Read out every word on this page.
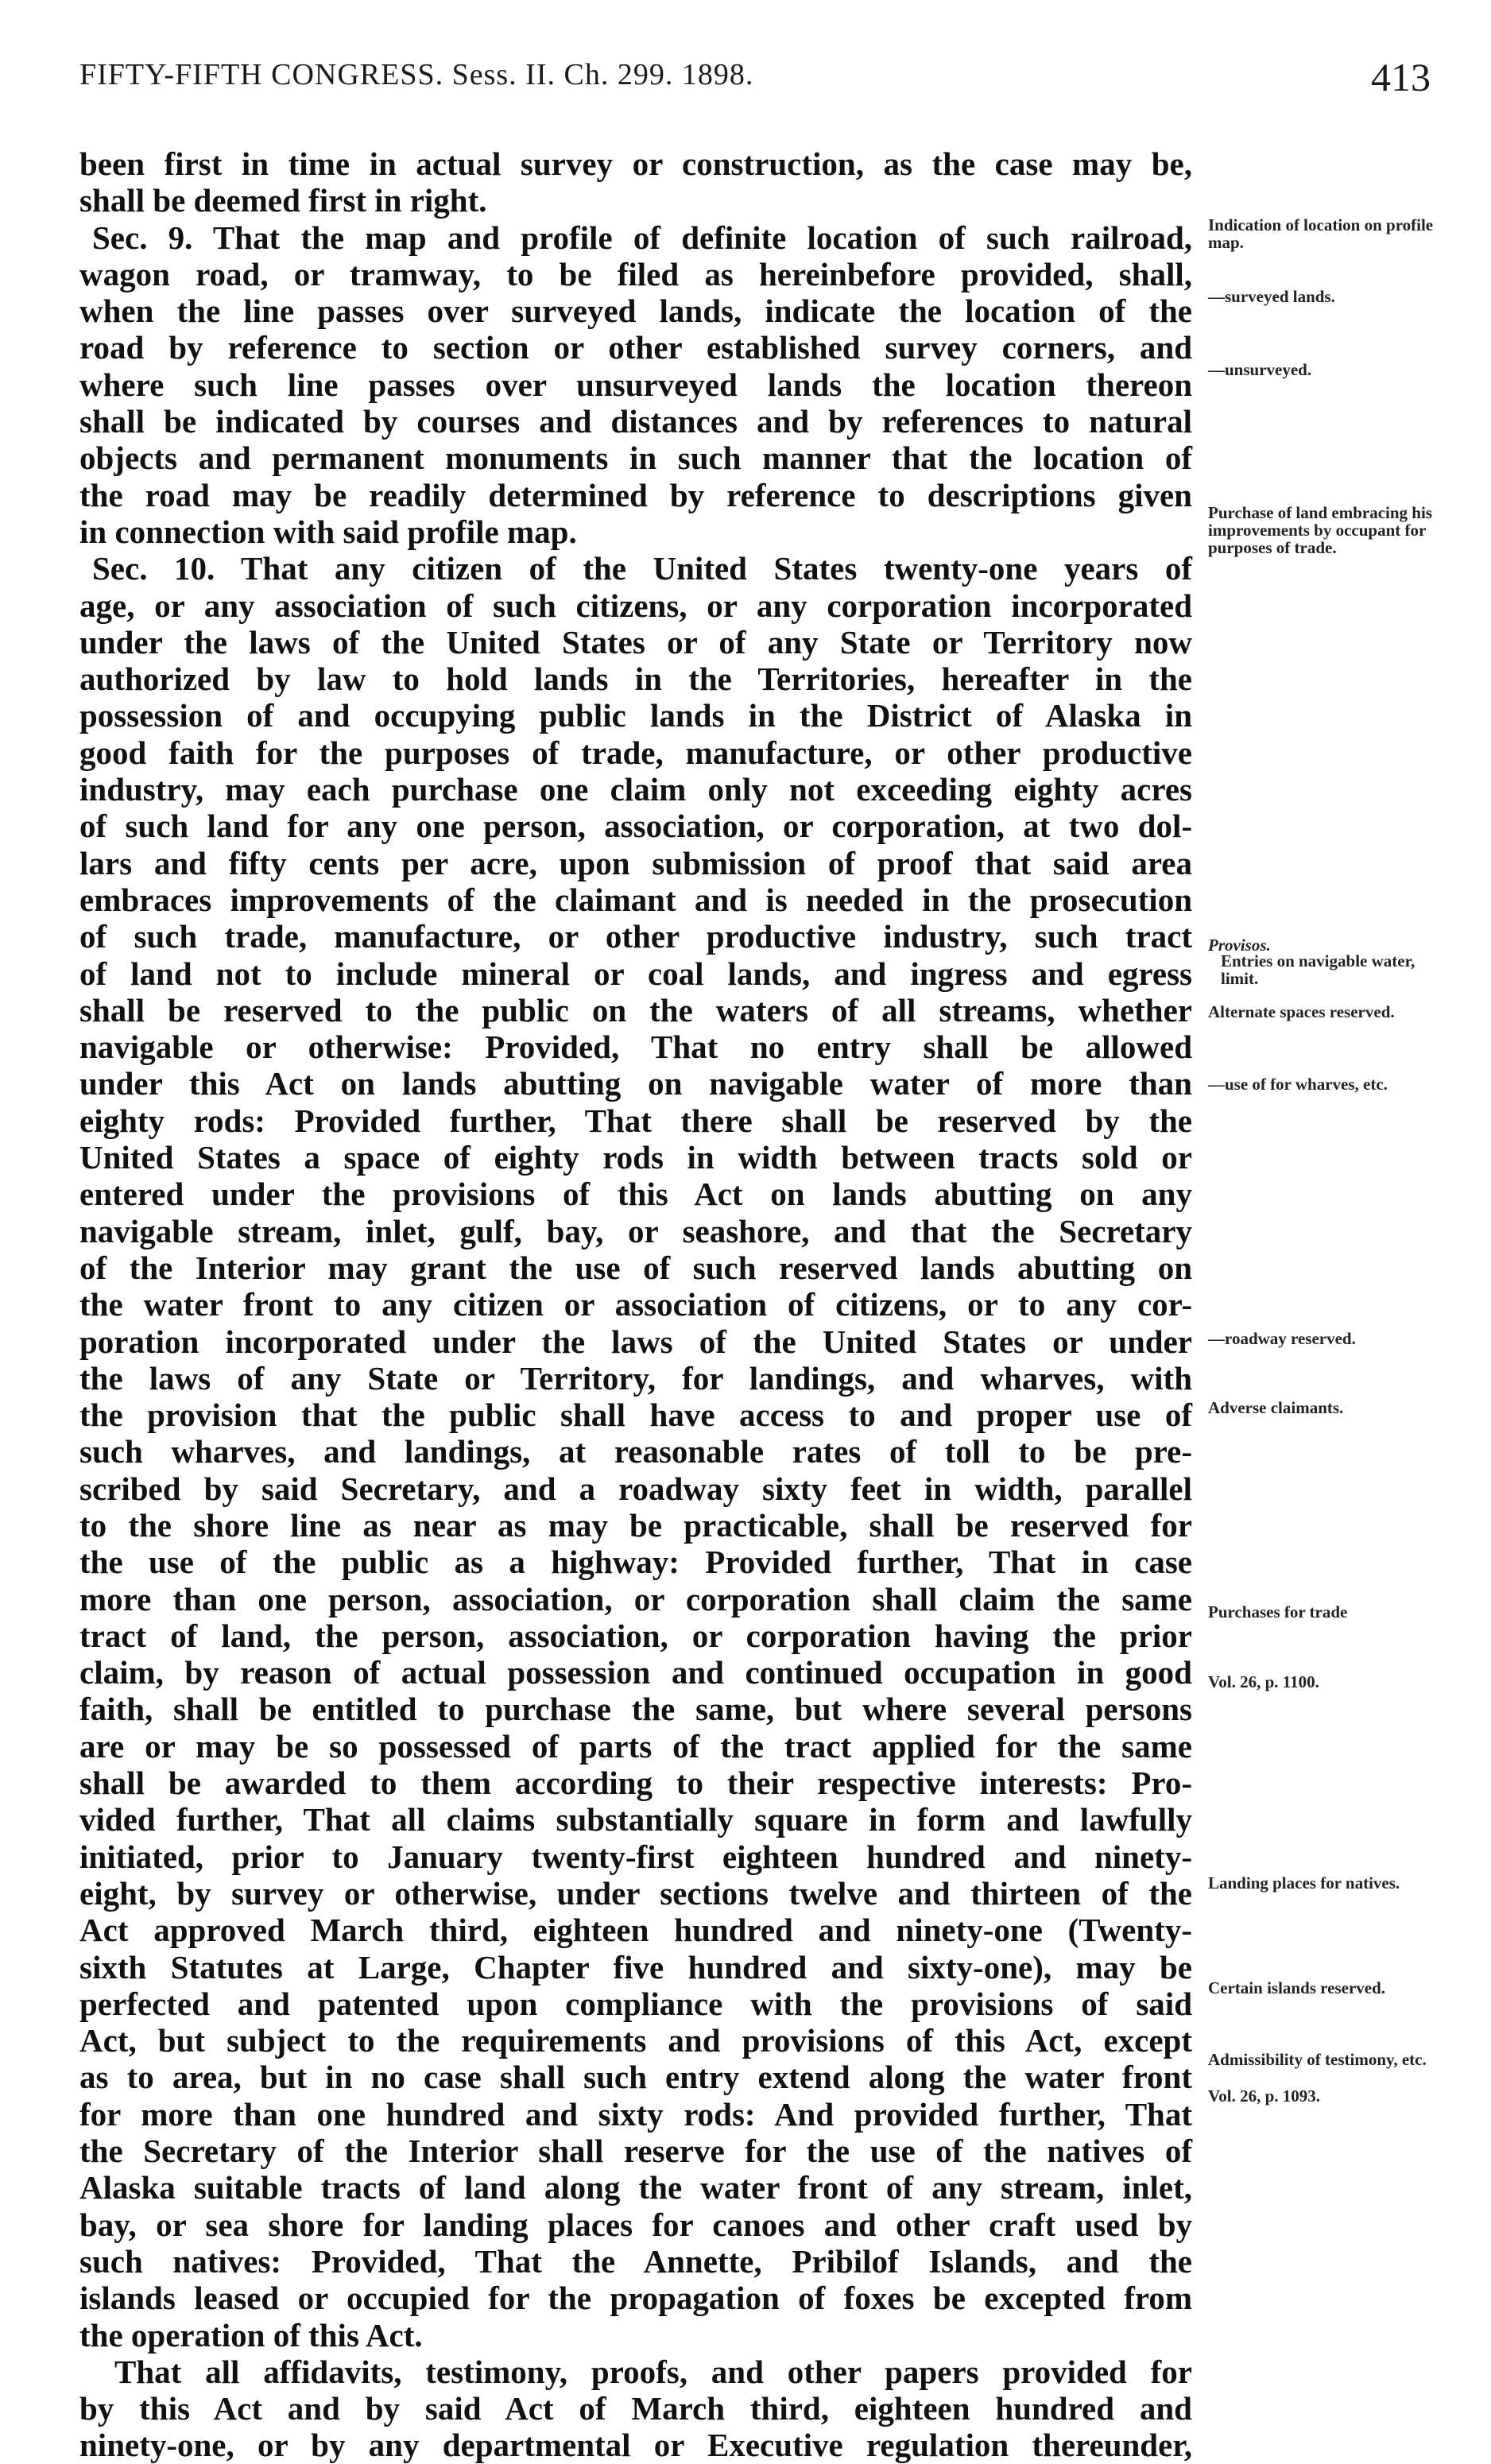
FIFTY-FIFTH CONGRESS. Sess. II. Ch. 299. 1898.	413
been first in time in actual survey or construction, as the case may be,
shall be deemed first in right.
Sec. 9. That the map and profile of definite location of such railroad,
wagon road, or tramway, to be filed as hereinbefore provided, shall,
when the line passes over surveyed lands, indicate the location of the
road by reference to section or other established survey corners, and
where such line passes over unsurveyed lands the location thereon
shall be indicated by courses and distances and by references to natural
objects and permanent monuments in such manner that the location of
the road may be readily determined by reference to descriptions given
in connection with said profile map.
Sec. 10. That any citizen of the United States twenty-one years of
age, or any association of such citizens, or any corporation incorporated
under the laws of the United States or of any State or Territory now
authorized by law to hold lands in the Territories, hereafter in the
possession of and occupying public lands in the District of Alaska in
good faith for the purposes of trade, manufacture, or other productive
industry, may each purchase one claim only not exceeding eighty acres
of such land for any one person, association, or corporation, at two dol-
lars and fifty cents per acre, upon submission of proof that said area
embraces improvements of the claimant and is needed in the prosecution
of such trade, manufacture, or other productive industry, such tract
of land not to include mineral or coal lands, and ingress and egress
shall be reserved to the public on the waters of all streams, whether
navigable or otherwise: Provided, That no entry shall be allowed
under this Act on lands abutting on navigable water of more than
eighty rods: Provided further, That there shall be reserved by the
United States a space of eighty rods in width between tracts sold or
entered under the provisions of this Act on lands abutting on any
navigable stream, inlet, gulf, bay, or seashore, and that the Secretary
of the Interior may grant the use of such reserved lands abutting on
the water front to any citizen or association of citizens, or to any cor-
poration incorporated under the laws of the United States or under
the laws of any State or Territory, for landings, and wharves, with
the provision that the public shall have access to and proper use of
such wharves, and landings, at reasonable rates of toll to be pre-
scribed by said Secretary, and a roadway sixty feet in width, parallel
to the shore line as near as may be practicable, shall be reserved for
the use of the public as a highway: Provided further, That in case
more than one person, association, or corporation shall claim the same
tract of land, the person, association, or corporation having the prior
claim, by reason of actual possession and continued occupation in good
faith, shall be entitled to purchase the same, but where several persons
are or may be so possessed of parts of the tract applied for the same
shall be awarded to them according to their respective interests: Pro-
vided further, That all claims substantially square in form and lawfully
initiated, prior to January twenty-first eighteen hundred and ninety-
eight, by survey or otherwise, under sections twelve and thirteen of the
Act approved March third, eighteen hundred and ninety-one (Twenty-
sixth Statutes at Large, Chapter five hundred and sixty-one), may be
perfected and patented upon compliance with the provisions of said
Act, but subject to the requirements and provisions of this Act, except
as to area, but in no case shall such entry extend along the water front
for more than one hundred and sixty rods: And provided further, That
the Secretary of the Interior shall reserve for the use of the natives of
Alaska suitable tracts of land along the water front of any stream, inlet,
bay, or sea shore for landing places for canoes and other craft used by
such natives: Provided, That the Annette, Pribilof Islands, and the
islands leased or occupied for the propagation of foxes be excepted from
the operation of this Act.
That all affidavits, testimony, proofs, and other papers provided for
by this Act and by said Act of March third, eighteen hundred and
ninety-one, or by any departmental or Executive regulation thereunder,
Indication of location on profile map.
—surveyed lands.
—unsurveyed.
Purchase of land embracing his improvements by occupant for purposes of trade.
Provisos.
Entries on navigable water, limit.
Alternate spaces reserved.
—use of for wharves, etc.
—roadway reserved.
Adverse claimants.
Purchases for trade
Vol. 26, p. 1100.
Landing places for natives.
Certain islands reserved.
Admissibility of testimony, etc.
Vol. 26, p. 1093.
